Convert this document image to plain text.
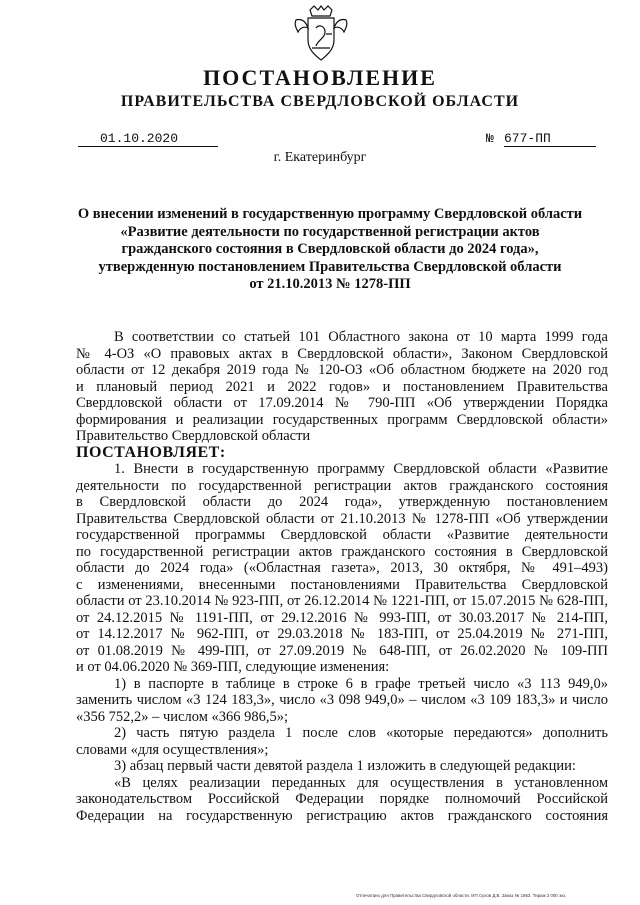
ПОСТАНОВЛЕНИЕ
ПРАВИТЕЛЬСТВА СВЕРДЛОВСКОЙ ОБЛАСТИ
01.10.2020	№ 677-ПП
г. Екатеринбург
О внесении изменений в государственную программу Свердловской области
«Развитие деятельности по государственной регистрации актов
гражданского состояния в Свердловской области до 2024 года»,
утвержденную постановлением Правительства Свердловской области
от 21.10.2013 № 1278-ПП
В соответствии со статьей 101 Областного закона от 10 марта 1999 года
№ 4-ОЗ «О правовых актах в Свердловской области», Законом Свердловской
области от 12 декабря 2019 года № 120-ОЗ «Об областном бюджете на 2020 год
и плановый период 2021 и 2022 годов» и постановлением Правительства
Свердловской области от 17.09.2014 № 790-ПП «Об утверждении Порядка
формирования и реализации государственных программ Свердловской области»
Правительство Свердловской области
ПОСТАНОВЛЯЕТ:
1. Внести в государственную программу Свердловской области «Развитие
деятельности по государственной регистрации актов гражданского состояния
в Свердловской области до 2024 года», утвержденную постановлением
Правительства Свердловской области от 21.10.2013 № 1278-ПП «Об утверждении
государственной программы Свердловской области «Развитие деятельности
по государственной регистрации актов гражданского состояния в Свердловской
области до 2024 года» («Областная газета», 2013, 30 октября, № 491–493)
с изменениями, внесенными постановлениями Правительства Свердловской
области от 23.10.2014 № 923-ПП, от 26.12.2014 № 1221-ПП, от 15.07.2015 № 628-ПП,
от 24.12.2015 № 1191-ПП, от 29.12.2016 № 993-ПП, от 30.03.2017 № 214-ПП,
от 14.12.2017 № 962-ПП, от 29.03.2018 № 183-ПП, от 25.04.2019 № 271-ПП,
от 01.08.2019 № 499-ПП, от 27.09.2019 № 648-ПП, от 26.02.2020 № 109-ПП
и от 04.06.2020 № 369-ПП, следующие изменения:
1) в паспорте в таблице в строке 6 в графе третьей число «3 113 949,0»
заменить числом «3 124 183,3», число «3 098 949,0» – числом «3 109 183,3» и число
«356 752,2» – числом «366 986,5»;
2) часть пятую раздела 1 после слов «которые передаются» дополнить
словами «для осуществления»;
3) абзац первый части девятой раздела 1 изложить в следующей редакции:
«В целях реализации переданных для осуществления в установленном
законодательством Российской Федерации порядке полномочий Российской
Федерации на государственную регистрацию актов гражданского состояния
Отпечатано для Правительства Свердловской области. ИП Сухов Д.В. Заказ № 1953. Тираж 2 000 экз.
